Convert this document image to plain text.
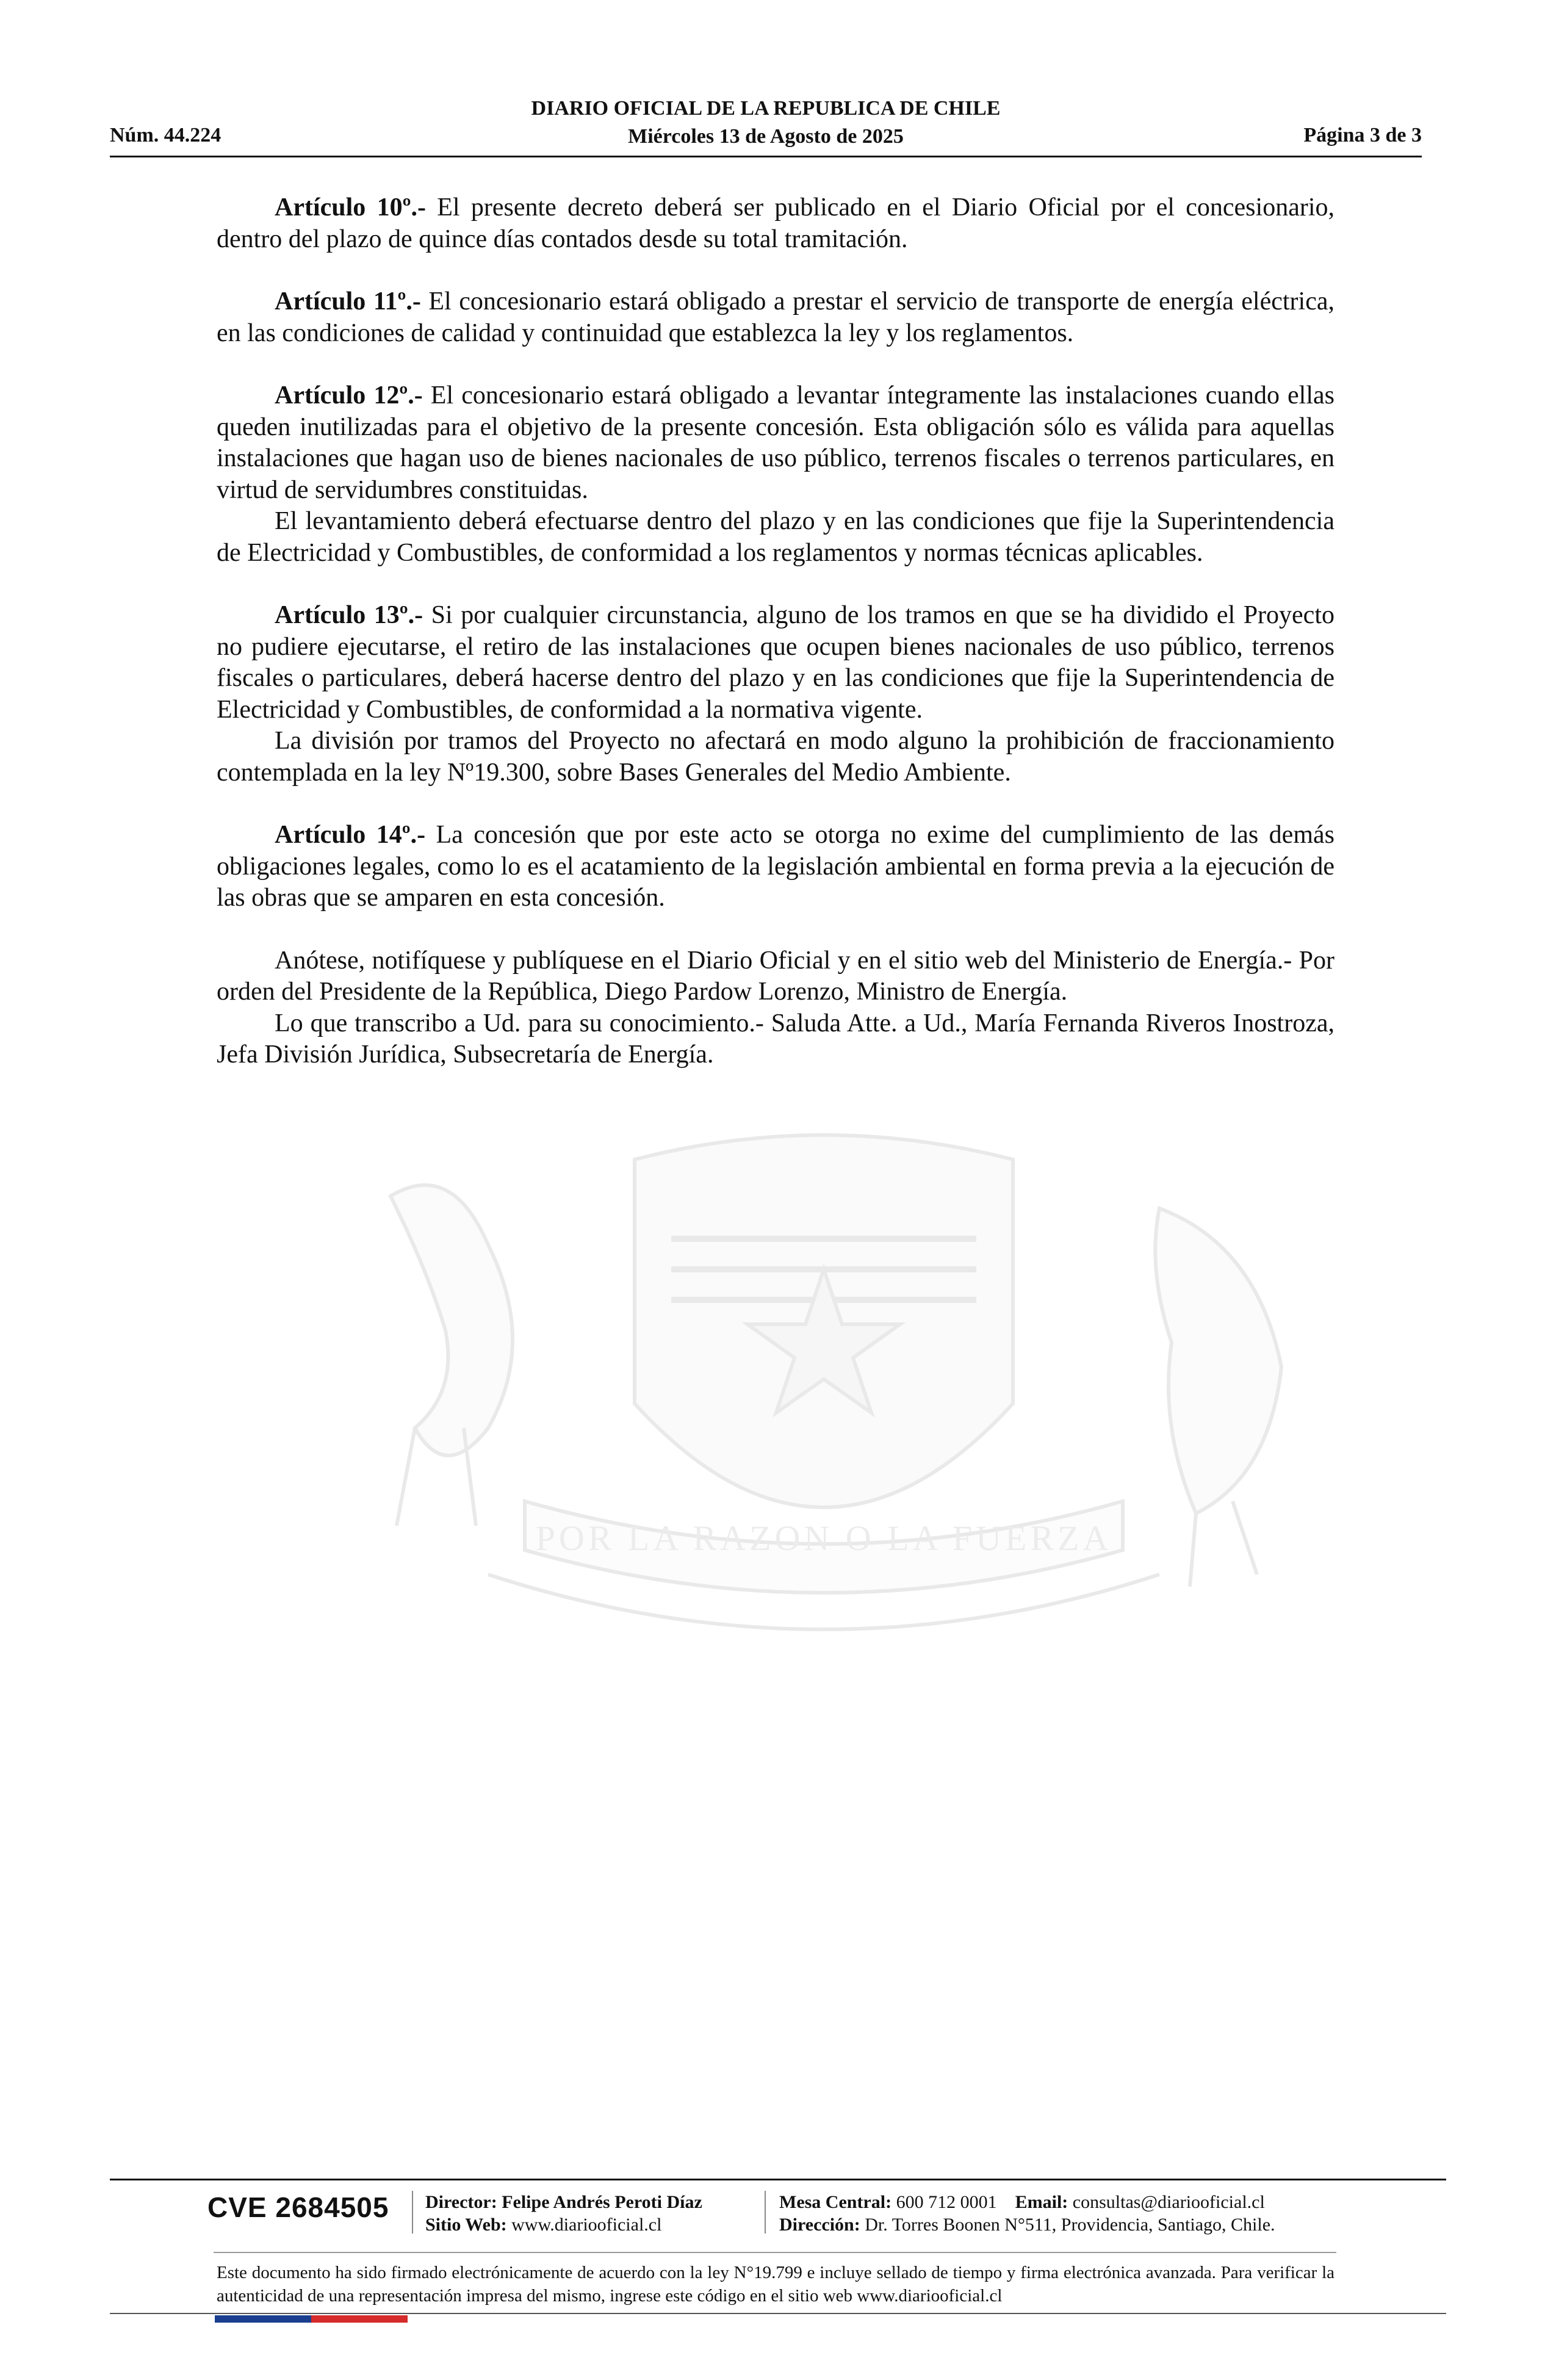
POR LA RAZON O LA FUERZA
Núm. 44.224
DIARIO OFICIAL DE LA REPUBLICA DE CHILE
Miércoles 13 de Agosto de 2025	Página 3 de 3

Artículo 10º.- El presente decreto deberá ser publicado en el Diario Oficial por el concesionario, dentro del plazo de quince días contados desde su total tramitación.

Artículo 11º.- El concesionario estará obligado a prestar el servicio de transporte de energía eléctrica, en las condiciones de calidad y continuidad que establezca la ley y los reglamentos.

Artículo 12º.- El concesionario estará obligado a levantar íntegramente las instalaciones cuando ellas queden inutilizadas para el objetivo de la presente concesión. Esta obligación sólo es válida para aquellas instalaciones que hagan uso de bienes nacionales de uso público, terrenos fiscales o terrenos particulares, en virtud de servidumbres constituidas.

El levantamiento deberá efectuarse dentro del plazo y en las condiciones que fije la Superintendencia de Electricidad y Combustibles, de conformidad a los reglamentos y normas técnicas aplicables.

Artículo 13º.- Si por cualquier circunstancia, alguno de los tramos en que se ha dividido el Proyecto no pudiere ejecutarse, el retiro de las instalaciones que ocupen bienes nacionales de uso público, terrenos fiscales o particulares, deberá hacerse dentro del plazo y en las condiciones que fije la Superintendencia de Electricidad y Combustibles, de conformidad a la normativa vigente.

La división por tramos del Proyecto no afectará en modo alguno la prohibición de fraccionamiento contemplada en la ley Nº19.300, sobre Bases Generales del Medio Ambiente.

Artículo 14º.- La concesión que por este acto se otorga no exime del cumplimiento de las demás obligaciones legales, como lo es el acatamiento de la legislación ambiental en forma previa a la ejecución de las obras que se amparen en esta concesión.

Anótese, notifíquese y publíquese en el Diario Oficial y en el sitio web del Ministerio de Energía.- Por orden del Presidente de la República, Diego Pardow Lorenzo, Ministro de Energía.

Lo que transcribo a Ud. para su conocimiento.- Saluda Atte. a Ud., María Fernanda Riveros Inostroza, Jefa División Jurídica, Subsecretaría de Energía.

CVE 2684505 Director: Felipe Andrés Peroti Díaz
Sitio Web: www.diariooficial.cl
Mesa Central: 600 712 0001 Email: consultas@diariooficial.cl
Dirección: Dr. Torres Boonen N°511, Providencia, Santiago, Chile.
Este documento ha sido firmado electrónicamente de acuerdo con la ley N°19.799 e incluye sellado de tiempo y firma electrónica avanzada. Para verificar la autenticidad de una representación impresa del mismo, ingrese este código en el sitio web www.diariooficial.cl
